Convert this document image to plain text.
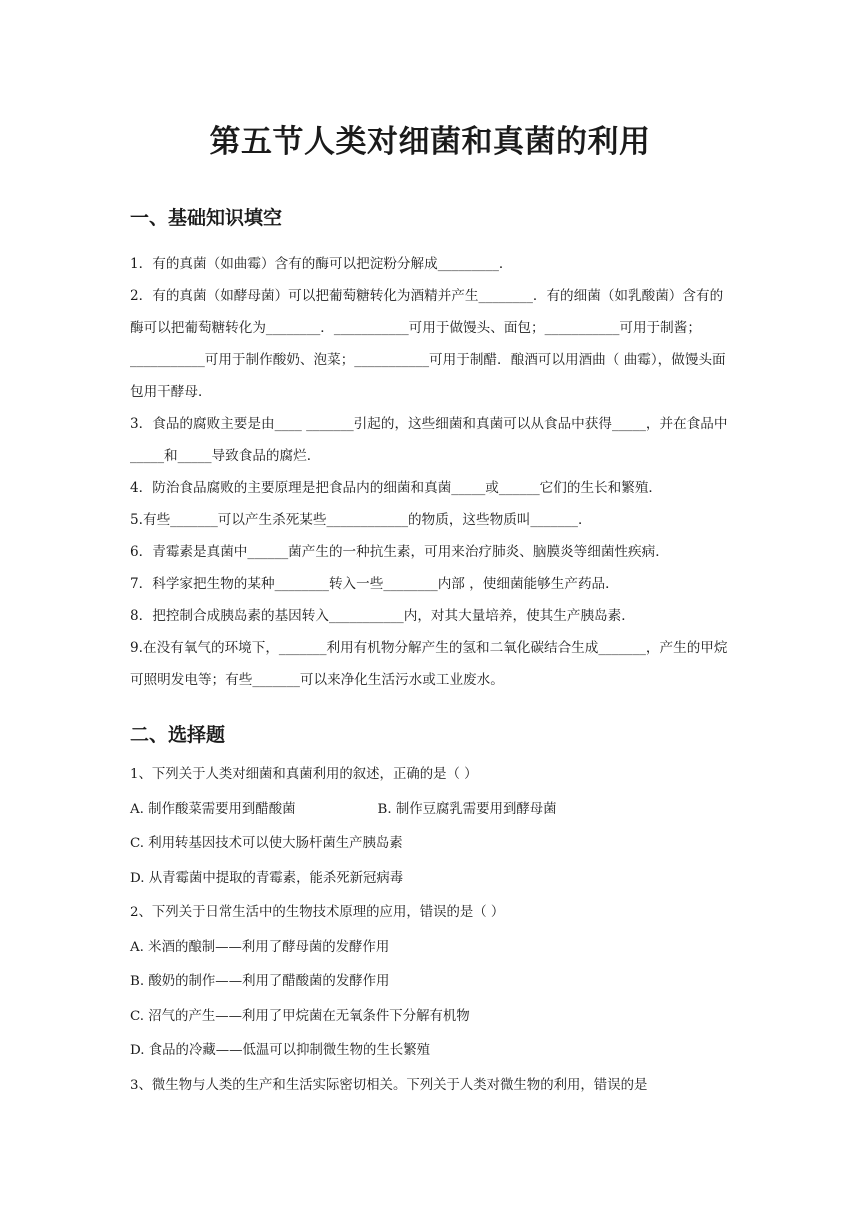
第五节人类对细菌和真菌的利用
一、基础知识填空

1．有的真菌（如曲霉）含有的酶可以把淀粉分解成_________．

2．有的真菌（如酵母菌）可以把葡萄糖转化为酒精并产生________．有的细菌（如乳酸菌）含有的酶可以把葡萄糖转化为________．___________可用于做馒头、面包；___________可用于制酱；___________可用于制作酸奶、泡菜；___________可用于制醋．酿酒可以用酒曲（ 曲霉），做馒头面包用干酵母．

3．食品的腐败主要是由____ _______引起的，这些细菌和真菌可以从食品中获得_____，并在食品中_____和_____导致食品的腐烂．

4．防治食品腐败的主要原理是把食品内的细菌和真菌_____或______它们的生长和繁殖．

5.有些_______可以产生杀死某些____________的物质，这些物质叫_______．

6．青霉素是真菌中______菌产生的一种抗生素，可用来治疗肺炎、脑膜炎等细菌性疾病．

7．科学家把生物的某种________转入一些________内部 ，使细菌能够生产药品．

8．把控制合成胰岛素的基因转入___________内，对其大量培养，使其生产胰岛素．

9.在没有氧气的环境下，_______利用有机物分解产生的氢和二氧化碳结合生成_______，产生的甲烷可照明发电等；有些_______可以来净化生活污水或工业废水。

二、选择题

1、下列关于人类对细菌和真菌利用的叙述，正确的是（ ）

A. 制作酸菜需要用到醋酸菌	B. 制作豆腐乳需要用到酵母菌

C. 利用转基因技术可以使大肠杆菌生产胰岛素

D. 从青霉菌中提取的青霉素，能杀死新冠病毒

2、下列关于日常生活中的生物技术原理的应用，错误的是（ ）

A. 米酒的酿制——利用了酵母菌的发酵作用

B. 酸奶的制作——利用了醋酸菌的发酵作用

C. 沼气的产生——利用了甲烷菌在无氧条件下分解有机物

D. 食品的冷藏——低温可以抑制微生物的生长繁殖

3、微生物与人类的生产和生活实际密切相关。下列关于人类对微生物的利用，错误的是
